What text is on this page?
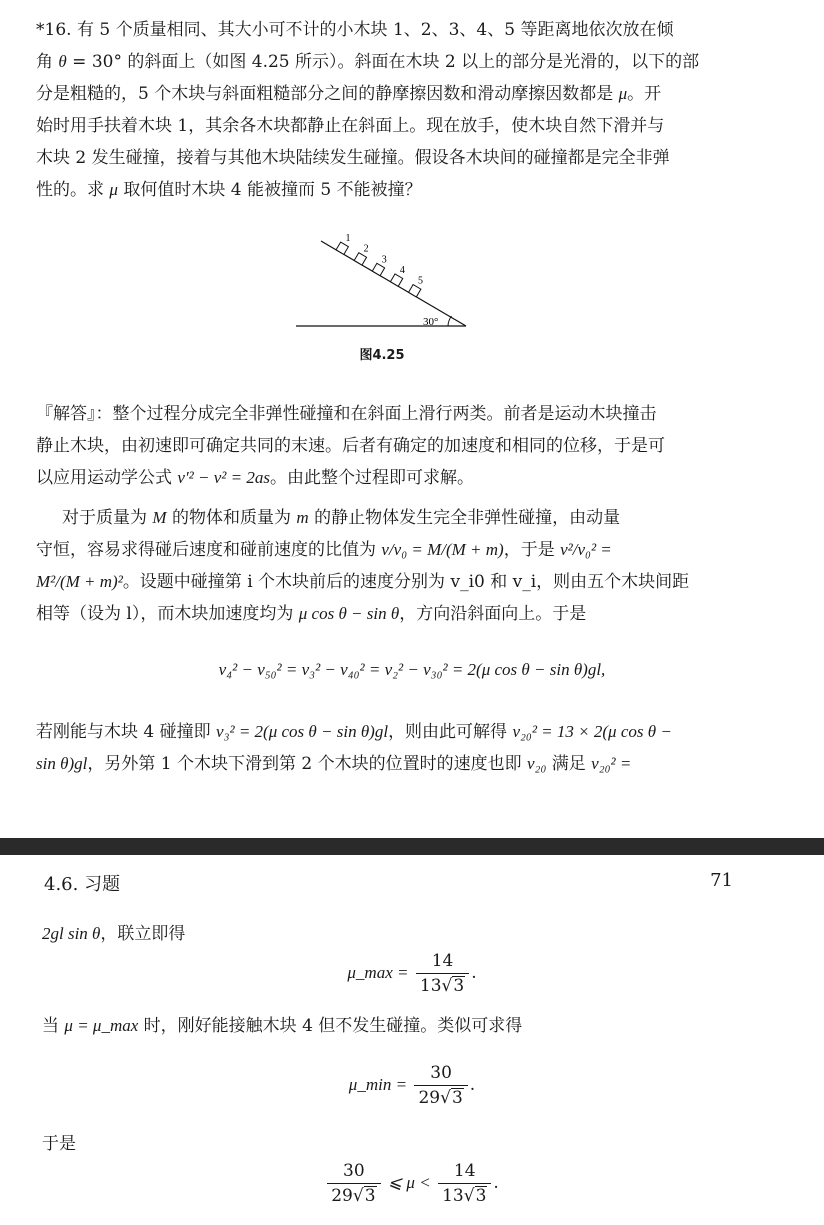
*16. 有 5 个质量相同、其大小可不计的小木块 1、2、3、4、5 等距离地依次放在倾

角 θ = 30° 的斜面上（如图 4.25 所示）。斜面在木块 2 以上的部分是光滑的，以下的部

分是粗糙的，5 个木块与斜面粗糙部分之间的静摩擦因数和滑动摩擦因数都是 μ。开

始时用手扶着木块 1，其余各木块都静止在斜面上。现在放手，使木块自然下滑并与

木块 2 发生碰撞，接着与其他木块陆续发生碰撞。假设各木块间的碰撞都是完全非弹

性的。求 μ 取何值时木块 4 能被撞而 5 不能被撞？

30°
1
2
3
4
5
图4.25

『解答』：整个过程分成完全非弹性碰撞和在斜面上滑行两类。前者是运动木块撞击

静止木块，由初速即可确定共同的末速。后者有确定的加速度和相同的位移，于是可

以应用运动学公式 v′² − v² = 2as。由此整个过程即可求解。

对于质量为 M 的物体和质量为 m 的静止物体发生完全非弹性碰撞，由动量

守恒，容易求得碰后速度和碰前速度的比值为 v/v₀ = M/(M + m)，于是 v²/v₀² =

M²/(M + m)²。设题中碰撞第 i 个木块前后的速度分别为 v_i0 和 v_i，则由五个木块间距

相等（设为 l），而木块加速度均为 μ cos θ − sin θ，方向沿斜面向上。于是

v₄² − v₅₀² = v₃² − v₄₀² = v₂² − v₃₀² = 2(μ cos θ − sin θ)gl,

若刚能与木块 4 碰撞即 v₃² = 2(μ cos θ − sin θ)gl，则由此可解得 v₂₀² = 13 × 2(μ cos θ −

sin θ)gl，另外第 1 个木块下滑到第 2 个木块的位置时的速度也即 v₂₀ 满足 v₂₀² =

4.6. 习题	71

2gl sin θ，联立即得

μ_max = $\frac{14}{13√3}$ .

当 μ = μ_max 时，刚好能接触木块 4 但不发生碰撞。类似可求得

μ_min = $\frac{30}{29√3}$ .

于是

$\frac{30}{29√3}$ ⩽ $\mu < \frac{14}{13√3}$ .
